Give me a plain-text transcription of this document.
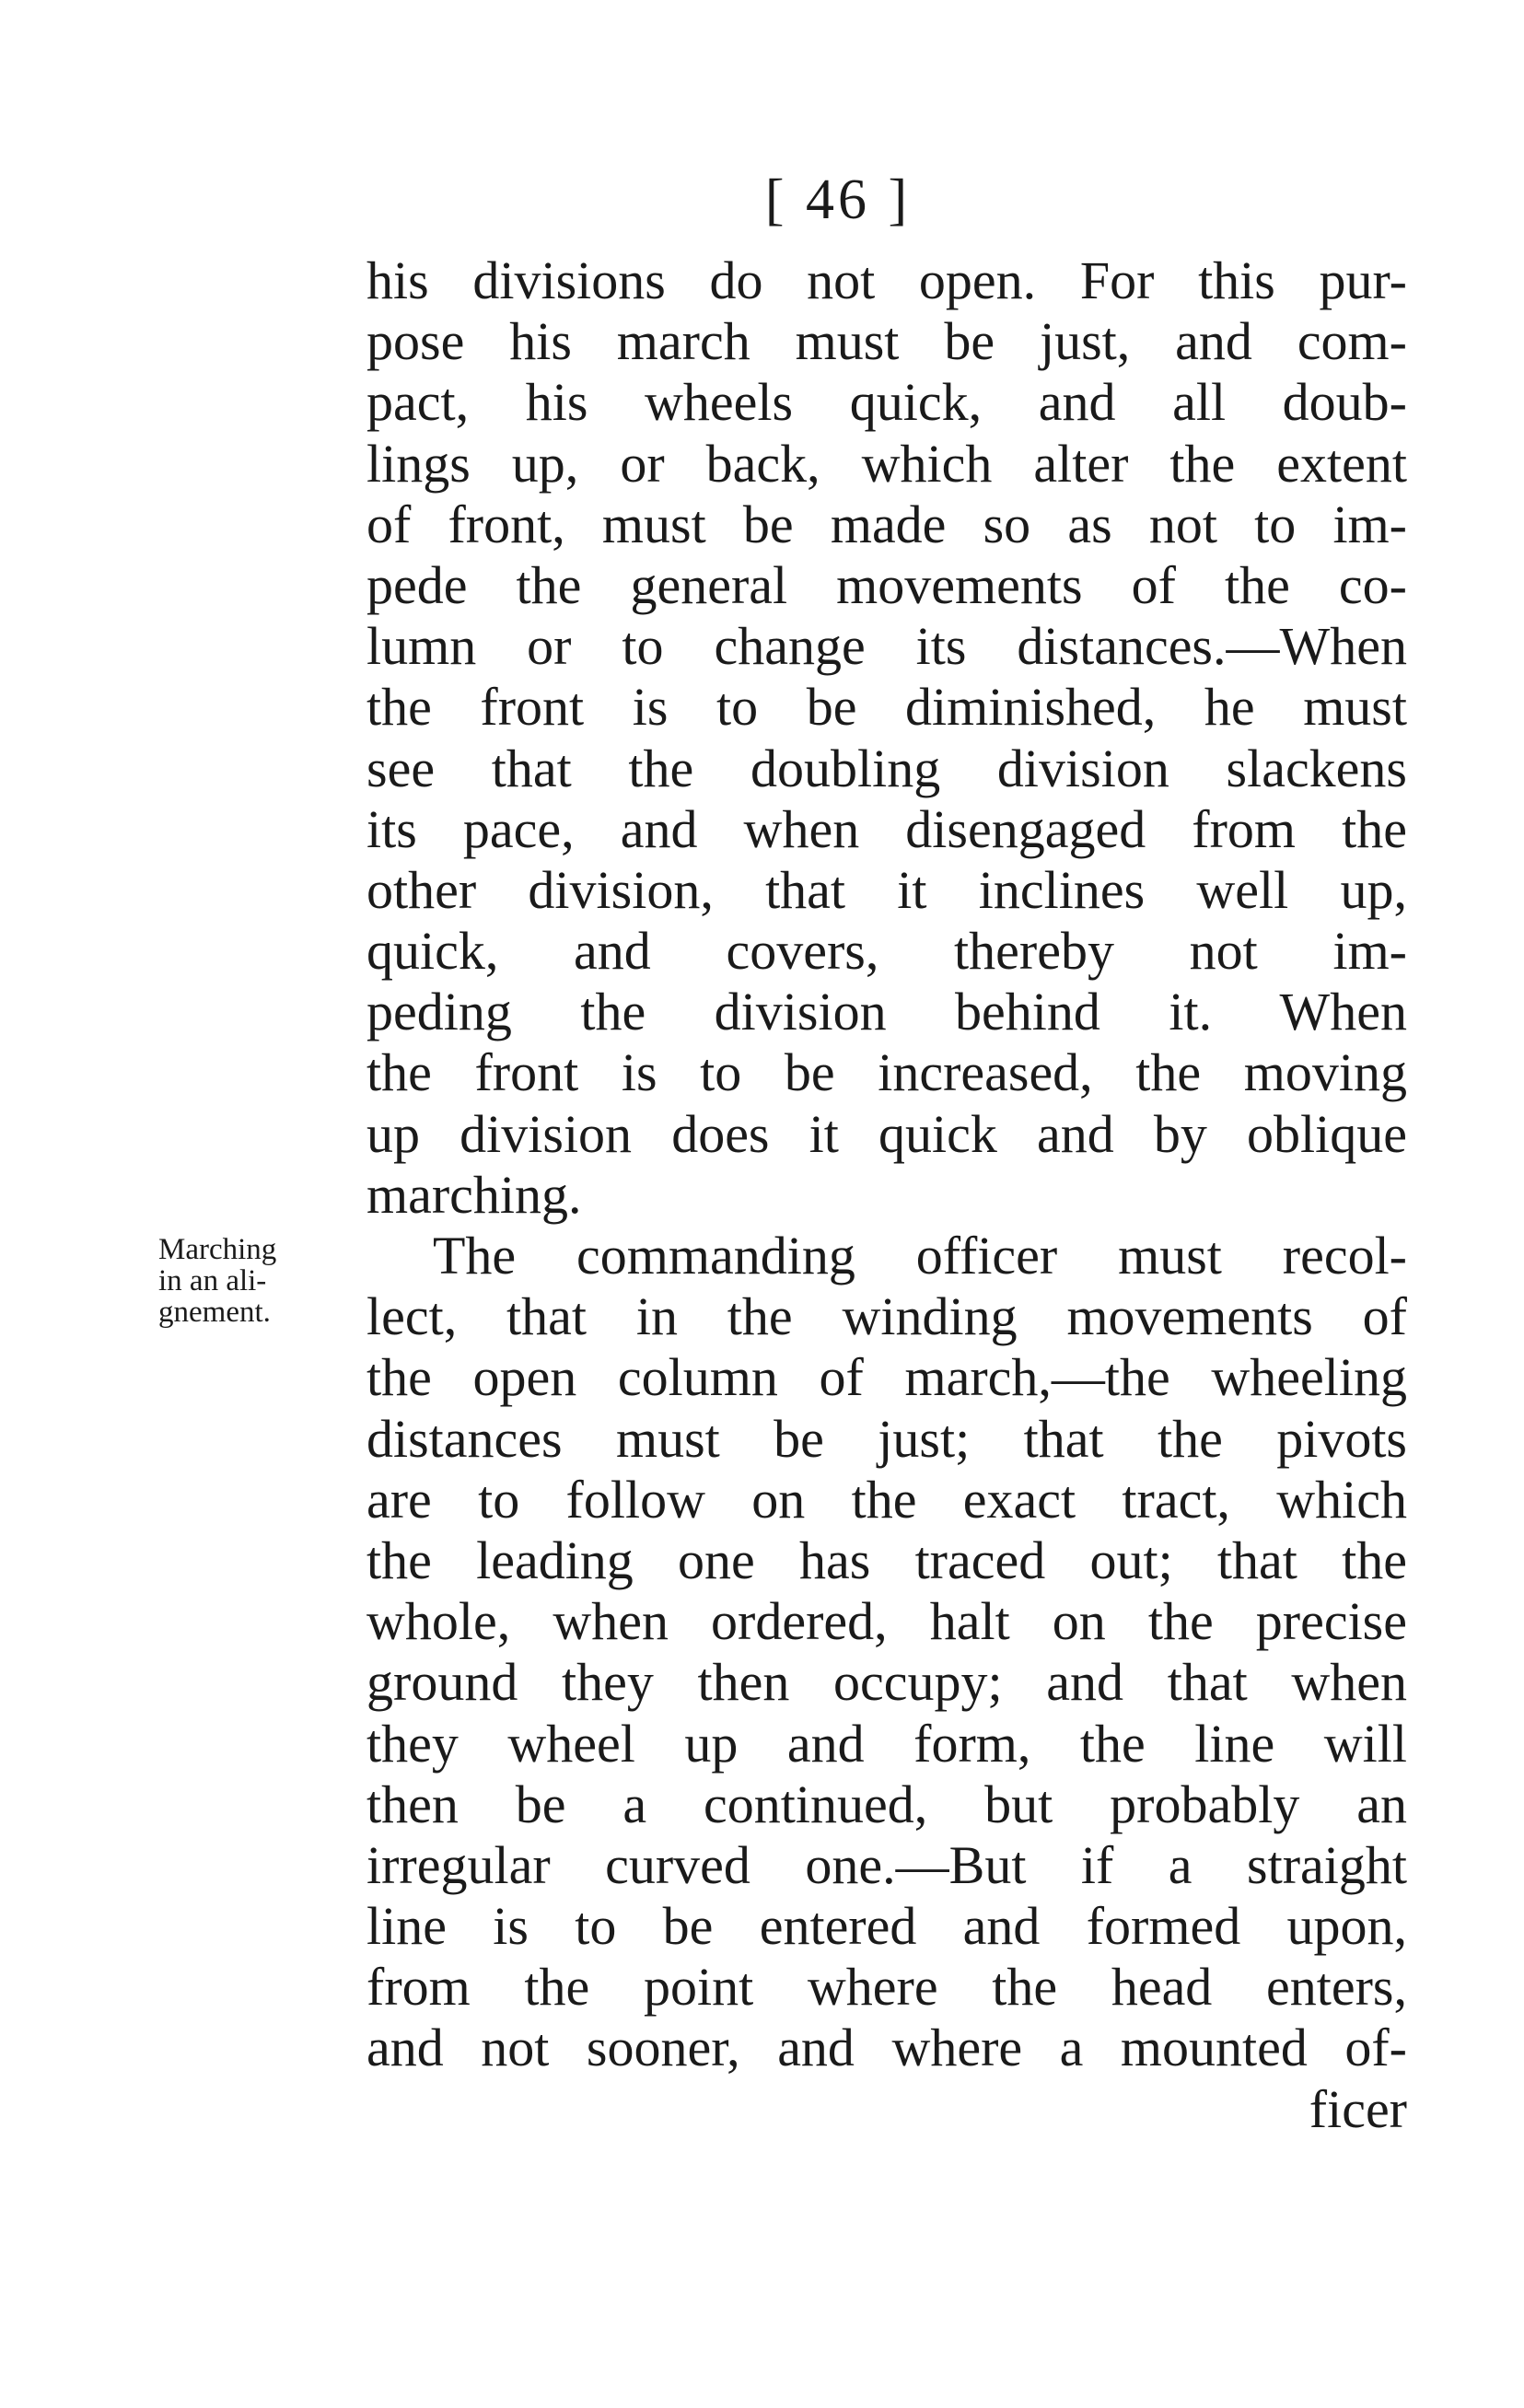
[ 46 ]
Marching
in an ali-
gnement.
his divisions do not open. For this pur-
pose his march must be just, and com-
pact, his wheels quick, and all doub-
lings up, or back, which alter the extent
of front, must be made so as not to im-
pede the general movements of the co-
lumn or to change its distances.—When
the front is to be diminished, he must
see that the doubling division slackens
its pace, and when disengaged from the
other division, that it inclines well up,
quick, and covers, thereby not im-
peding the division behind it. When
the front is to be increased, the moving
up division does it quick and by oblique
marching.
The commanding officer must recol-
lect, that in the winding movements of
the open column of march,—the wheeling
distances must be just; that the pivots
are to follow on the exact tract, which
the leading one has traced out; that the
whole, when ordered, halt on the precise
ground they then occupy; and that when
they wheel up and form, the line will
then be a continued, but probably an
irregular curved one.—But if a straight
line is to be entered and formed upon,
from the point where the head enters,
and not sooner, and where a mounted of-
ficer
